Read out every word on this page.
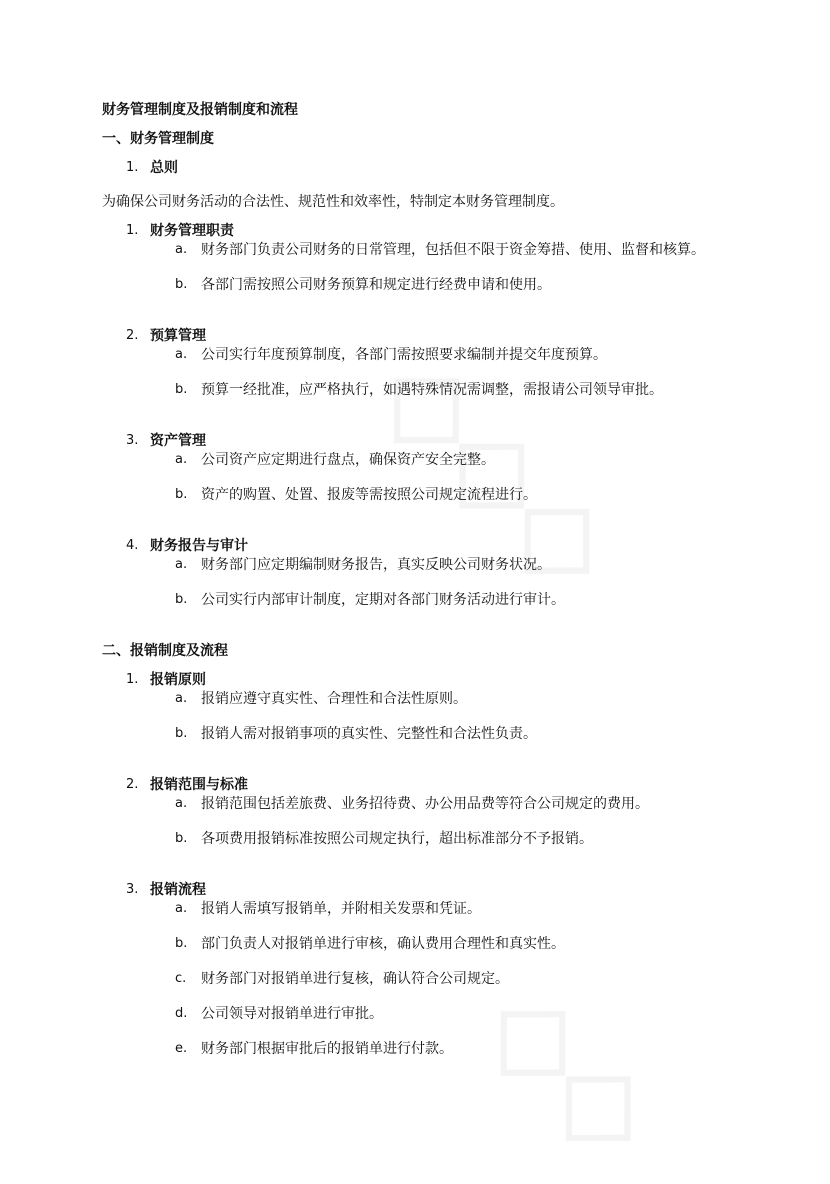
财务管理制度及报销制度和流程
一、财务管理制度
1. 总则
为确保公司财务活动的合法性、规范性和效率性，特制定本财务管理制度。
1. 财务管理职责
a. 财务部门负责公司财务的日常管理，包括但不限于资金筹措、使用、监督和核算。
b. 各部门需按照公司财务预算和规定进行经费申请和使用。
2. 预算管理
a. 公司实行年度预算制度，各部门需按照要求编制并提交年度预算。
b. 预算一经批准，应严格执行，如遇特殊情况需调整，需报请公司领导审批。
3. 资产管理
a. 公司资产应定期进行盘点，确保资产安全完整。
b. 资产的购置、处置、报废等需按照公司规定流程进行。
4. 财务报告与审计
a. 财务部门应定期编制财务报告，真实反映公司财务状况。
b. 公司实行内部审计制度，定期对各部门财务活动进行审计。
二、报销制度及流程
1. 报销原则
a. 报销应遵守真实性、合理性和合法性原则。
b. 报销人需对报销事项的真实性、完整性和合法性负责。
2. 报销范围与标准
a. 报销范围包括差旅费、业务招待费、办公用品费等符合公司规定的费用。
b. 各项费用报销标准按照公司规定执行，超出标准部分不予报销。
3. 报销流程
a. 报销人需填写报销单，并附相关发票和凭证。
b. 部门负责人对报销单进行审核，确认费用合理性和真实性。
c. 财务部门对报销单进行复核，确认符合公司规定。
d. 公司领导对报销单进行审批。
e. 财务部门根据审批后的报销单进行付款。
